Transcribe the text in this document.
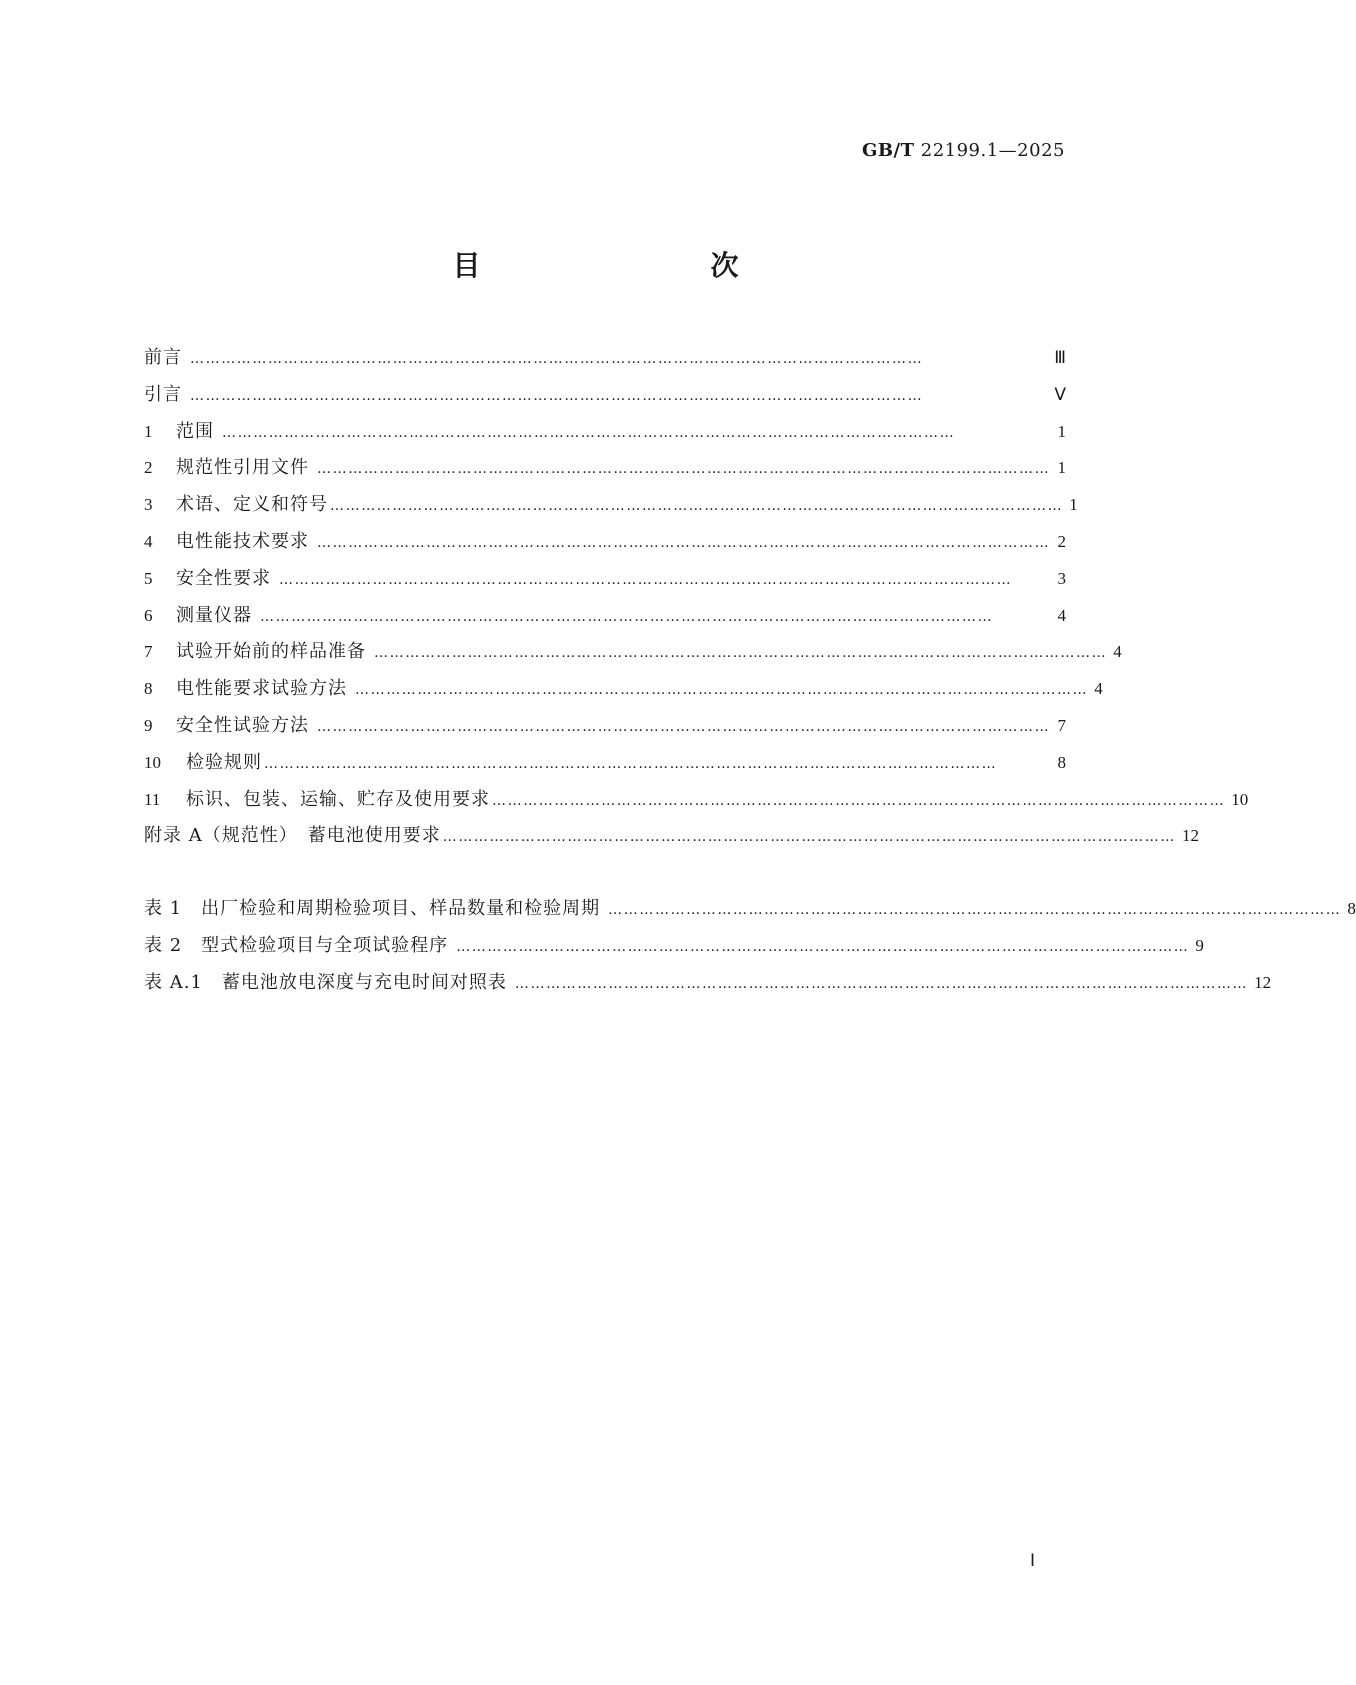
GB/T 22199.1—2025
目　　次
前言 ……………………………………………………………………………………………………………………………	Ⅲ
引言 ……………………………………………………………………………………………………………………………	Ⅴ
1	范围 ……………………………………………………………………………………………………………………………	1
2	规范性引用文件 …………………………………………………………………………………………………………………………… 1
3	术语、定义和符号 …………………………………………………………………………………………………………………………… 1
4	电性能技术要求 …………………………………………………………………………………………………………………………… 2
5	安全性要求 ……………………………………………………………………………………………………………………………	3
6	测量仪器 ……………………………………………………………………………………………………………………………	4
7	试验开始前的样品准备 …………………………………………………………………………………………………………………………… 4
8	电性能要求试验方法 …………………………………………………………………………………………………………………………… 4
9	安全性试验方法 …………………………………………………………………………………………………………………………… 7
10	检验规则 ……………………………………………………………………………………………………………………………	8
11	标识、包装、运输、贮存及使用要求 …………………………………………………………………………………………………………………………… 10
附录 A（规范性）　蓄电池使用要求 …………………………………………………………………………………………………………………………… 12
表 1　出厂检验和周期检验项目、样品数量和检验周期 …………………………………………………………………………………………………………………………… 8
表 2　型式检验项目与全项试验程序 …………………………………………………………………………………………………………………………… 9
表 A.1　蓄电池放电深度与充电时间对照表 …………………………………………………………………………………………………………………………… 12
Ⅰ
